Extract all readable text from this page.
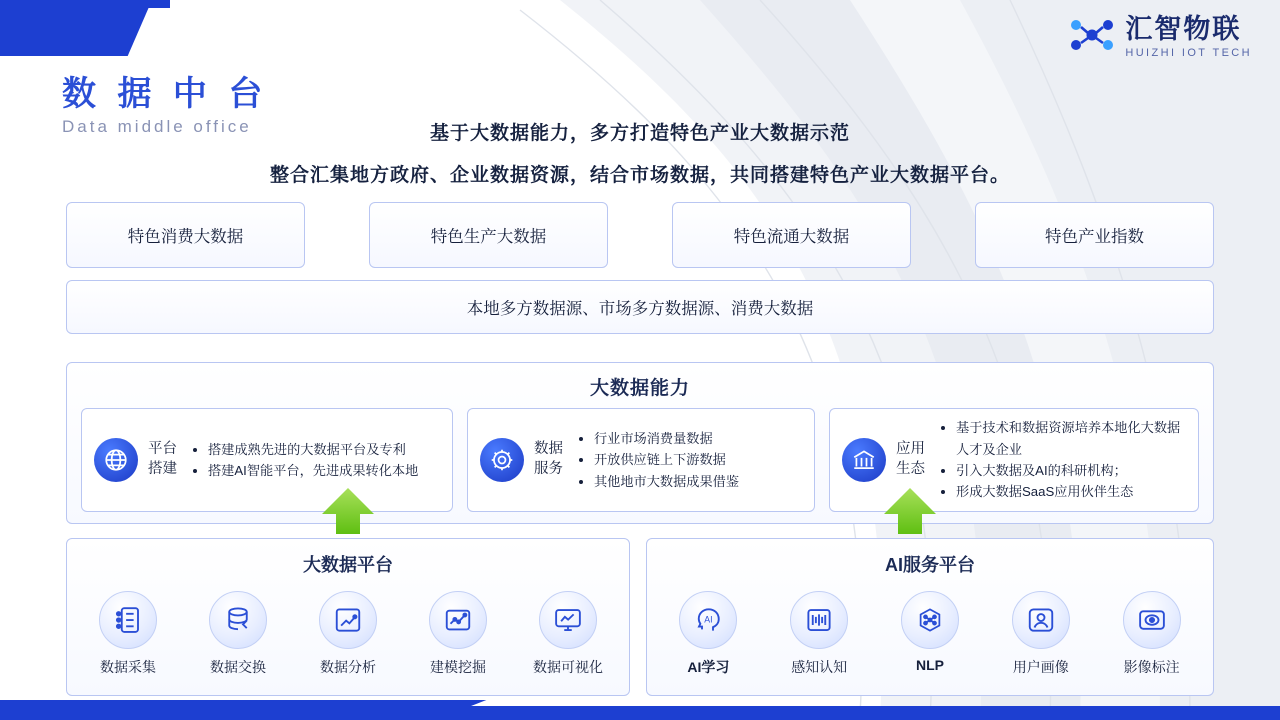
汇智物联
HUIZHI IOT TECH
数 据 中 台
Data middle office	基于大数据能力，多方打造特色产业大数据示范
整合汇集地方政府、企业数据资源，结合市场数据，共同搭建特色产业大数据平台。
特色消费大数据	特色生产大数据	特色流通大数据	特色产业指数
本地多方数据源、市场多方数据源、消费大数据
大数据能力
平台
搭建
• 搭建成熟先进的大数据平台及专利
• 搭建AI智能平台，先进成果转化本地
数据
服务
• 行业市场消费量数据
• 开放供应链上下游数据
• 其他地市大数据成果借鉴
应用
生态
• 基于技术和数据资源培养本地化大数据人才及企业
• 引入大数据及AI的科研机构；
• 形成大数据SaaS应用伙伴生态
大数据平台
数据采集	数据交换	数据分析	建模挖掘	数据可视化
AI服务平台
AI
AI学习	感知认知	NLP	用户画像	影像标注
